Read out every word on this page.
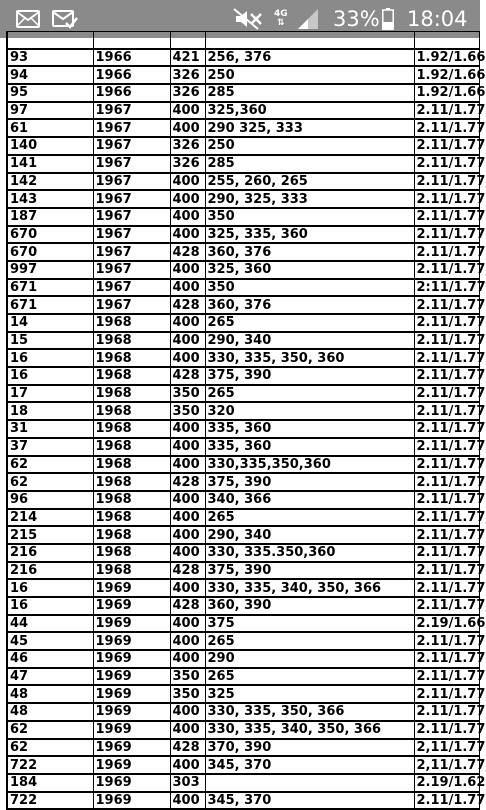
4G
⇅ 33% 18:04

93	1966	421	256, 376	1.92/1.66
94	1966	326	250	1.92/1.66
95	1966	326	285	1.92/1.66
97	1967	400	325,360	2.11/1.77
61	1967	400	290 325, 333	2.11/1.77
140	1967	326	250	2.11/1.77
141	1967	326	285	2.11/1.77
142	1967	400	255, 260, 265	2.11/1.77
143	1967	400	290, 325, 333	2.11/1.77
187	1967	400	350	2.11/1.77
670	1967	400	325, 335, 360	2.11/1.77
670	1967	428	360, 376	2.11/1.77
997	1967	400	325, 360	2.11/1.77
671	1967	400	350	2:11/1.77
671	1967	428	360, 376	2.11/1.77
14	1968	400	265	2.11/1.77
15	1968	400	290, 340	2.11/1.77
16	1968	400	330, 335, 350, 360	2.11/1.77
16	1968	428	375, 390	2.11/1.77
17	1968	350	265	2.11/1.77
18	1968	350	320	2.11/1.77
31	1968	400	335, 360	2.11/1.77
37	1968	400	335, 360	2.11/1.77
62	1968	400	330,335,350,360	2.11/1.77
62	1968	428	375, 390	2.11/1.77
96	1968	400	340, 366	2.11/1.77
214	1968	400	265	2.11/1.77
215	1968	400	290, 340	2.11/1.77
216	1968	400	330, 335.350,360	2.11/1.77
216	1968	428	375, 390	2.11/1.77
16	1969	400	330, 335, 340, 350, 366	2.11/1.77
16	1969	428	360, 390	2.11/1.77
44	1969	400	375	2.19/1.66
45	1969	400	265	2.11/1.77
46	1969	400	290	2.11/1.77
47	1969	350	265	2.11/1.77
48	1969	350	325	2.11/1.77
48	1969	400	330, 335, 350, 366	2.11/1.77
62	1969	400	330, 335, 340, 350, 366	2.11/1.77
62	1969	428	370, 390	2,11/1.77
722	1969	400	345, 370	2,11/1.77
184	1969	303		2.19/1.62
722	1969	400	345, 370	2.11/1.77
